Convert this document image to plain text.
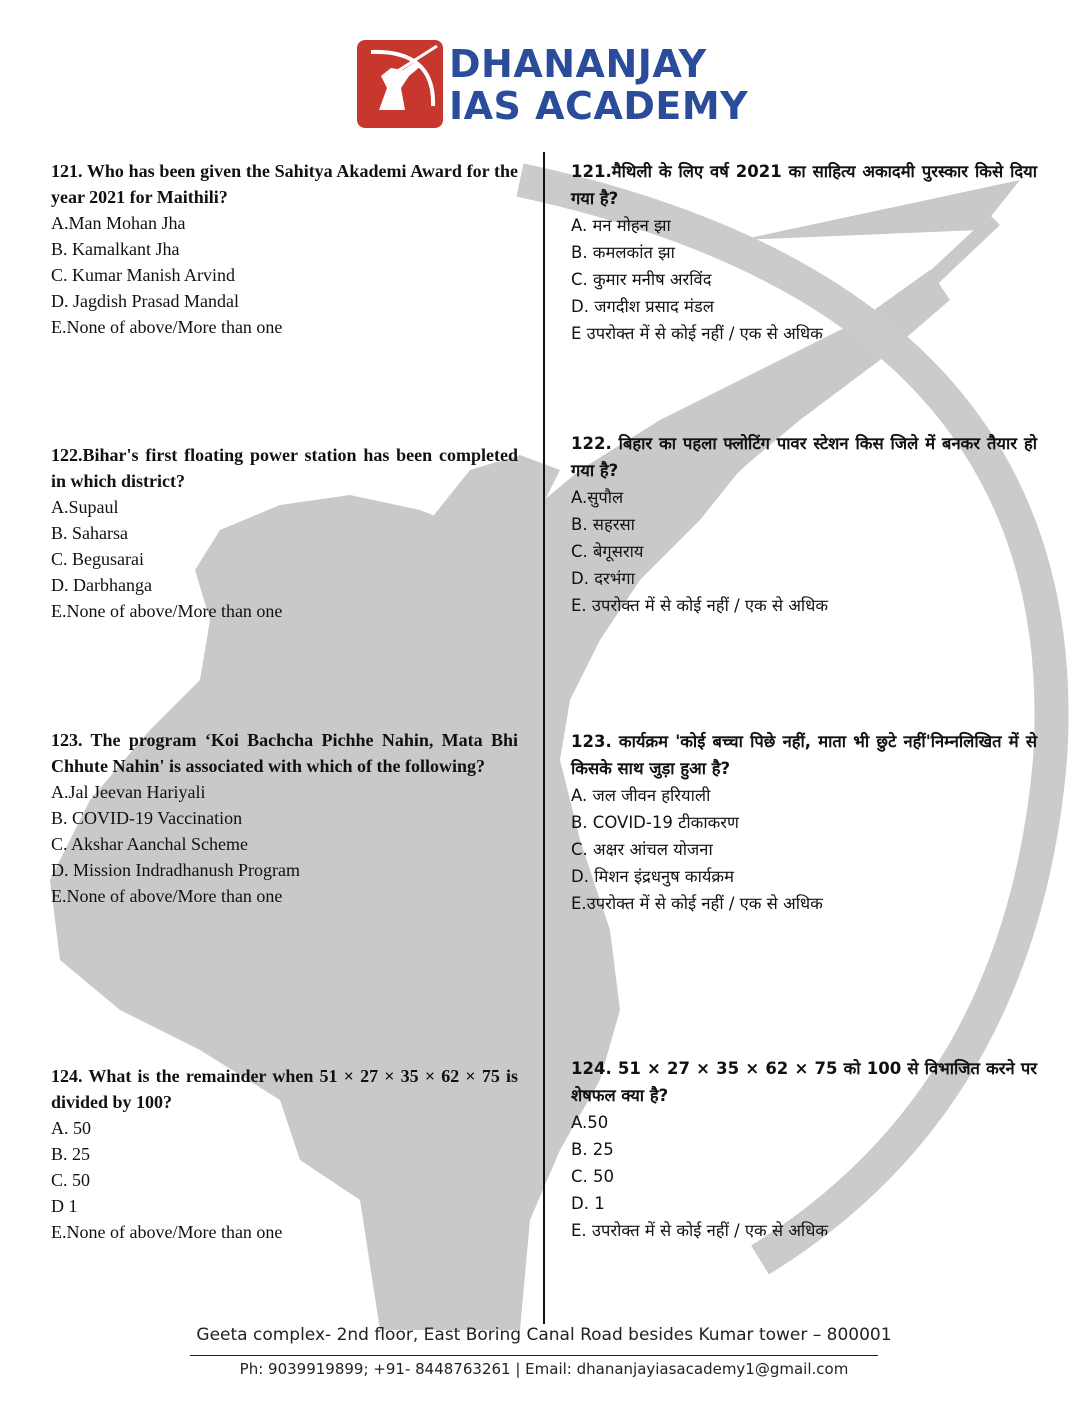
DHANANJAY
IAS ACADEMY
121. Who has been given the Sahitya Akademi Award for the year 2021 for Maithili?
A.Man Mohan Jha
B. Kamalkant Jha
C. Kumar Manish Arvind
D. Jagdish Prasad Mandal
E.None of above/More than one
121.मैथिली के लिए वर्ष 2021 का साहित्य अकादमी पुरस्कार किसे दिया गया है?
A. मन मोहन झा
B. कमलकांत झा
C. कुमार मनीष अरविंद
D. जगदीश प्रसाद मंडल
E उपरोक्त में से कोई नहीं / एक से अधिक
122.Bihar's first floating power station has been completed in which district?
A.Supaul
B. Saharsa
C. Begusarai
D. Darbhanga
E.None of above/More than one
122. बिहार का पहला फ्लोटिंग पावर स्टेशन किस जिले में बनकर तैयार हो गया है?
A.सुपौल
B. सहरसा
C. बेगूसराय
D. दरभंगा
E. उपरोक्त में से कोई नहीं / एक से अधिक
123. The program ‘Koi Bachcha Pichhe Nahin, Mata Bhi Chhute Nahin' is associated with which of the following?
A.Jal Jeevan Hariyali
B. COVID-19 Vaccination
C. Akshar Aanchal Scheme
D. Mission Indradhanush Program
E.None of above/More than one
123. कार्यक्रम 'कोई बच्चा पिछे नहीं, माता भी छुटे नहीं'निम्नलिखित में से किसके साथ जुड़ा हुआ है?
A. जल जीवन हरियाली
B. COVID-19 टीकाकरण
C. अक्षर आंचल योजना
D. मिशन इंद्रधनुष कार्यक्रम
E.उपरोक्त में से कोई नहीं / एक से अधिक
124. What is the remainder when 51 × 27 × 35 × 62 × 75 is divided by 100?
A. 50
B. 25
C. 50
D 1
E.None of above/More than one
124. 51 × 27 × 35 × 62 × 75 को 100 से विभाजित करने पर शेषफल क्या है?
A.50
B. 25
C. 50
D. 1
E. उपरोक्त में से कोई नहीं / एक से अधिक
Geeta complex- 2nd floor, East Boring Canal Road besides Kumar tower – 800001
Ph: 9039919899; +91- 8448763261 | Email: dhananjayiasacademy1@gmail.com
